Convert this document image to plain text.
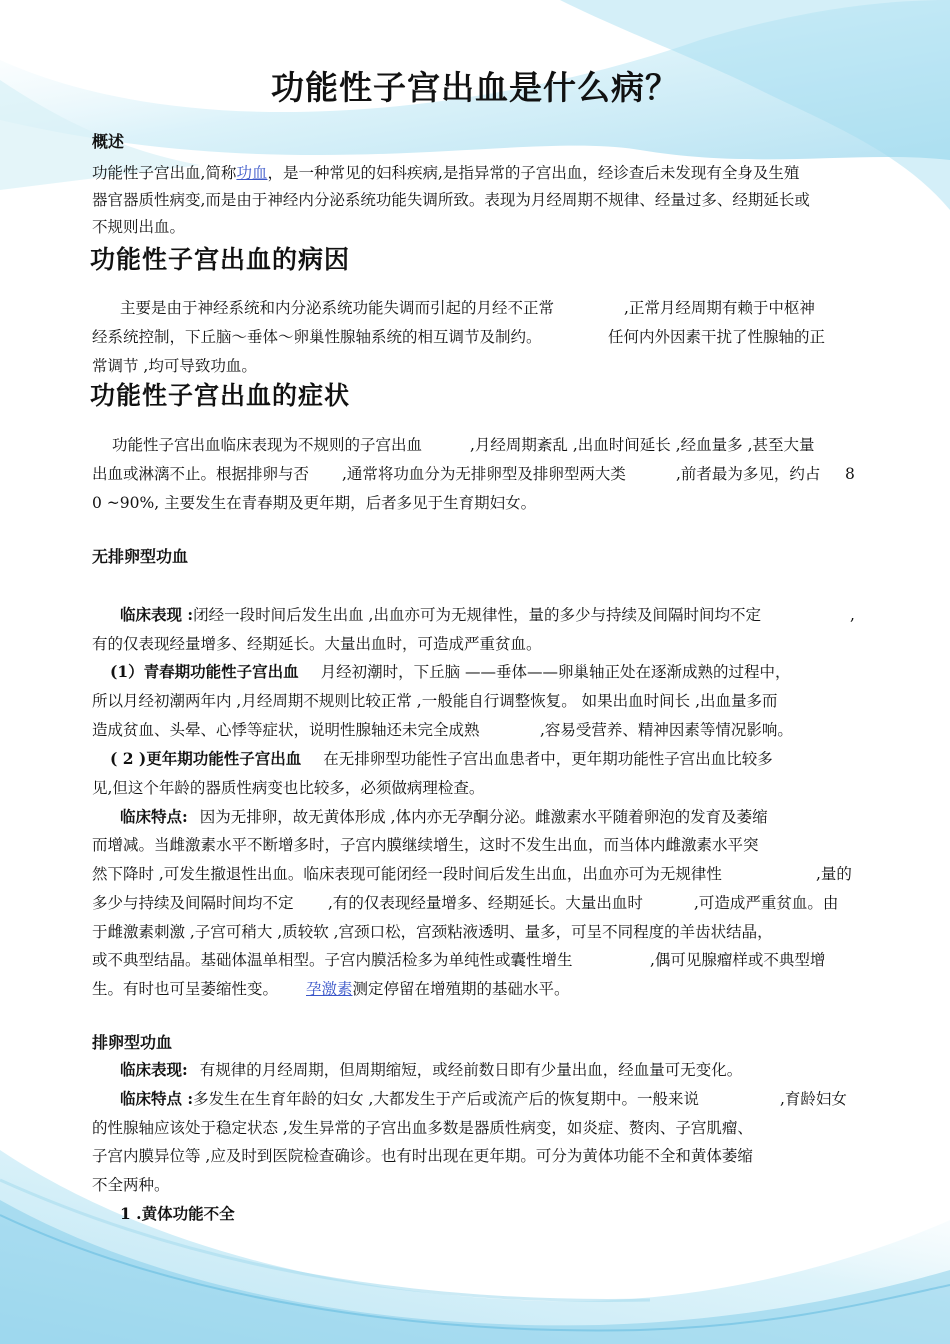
功能性子宫出血是什么病？
概述
功能性子宫出血,简称功血，是一种常见的妇科疾病,是指异常的子宫出血，经诊查后未发现有全身及生殖
器官器质性病变,而是由于神经内分泌系统功能失调所致。表现为月经周期不规律、经量过多、经期延长或
不规则出血。
功能性子宫出血的病因
主要是由于神经系统和内分泌系统功能失调而引起的月经不正常	,正常月经周期有赖于中枢神
经系统控制，下丘脑～垂体～卵巢性腺轴系统的相互调节及制约。	任何内外因素干扰了性腺轴的正
常调节 ,均可导致功血。
功能性子宫出血的症状
功能性子宫出血临床表现为不规则的子宫出血	,月经周期紊乱 ,出血时间延长 ,经血量多 ,甚至大量
出血或淋漓不止。根据排卵与否 ,通常将功血分为无排卵型及排卵型两大类	,前者最为多见，约占 8
0 ~90%, 主要发生在青春期及更年期，后者多见于生育期妇女。
无排卵型功血
临床表现 :闭经一段时间后发生出血 ,出血亦可为无规律性，量的多少与持续及间隔时间均不定	,
有的仅表现经量增多、经期延长。大量出血时，可造成严重贫血。
(1）青春期功能性子宫出血 月经初潮时，下丘脑 ——垂体——卵巢轴正处在逐渐成熟的过程中，
所以月经初潮两年内 ,月经周期不规则比较正常 ,一般能自行调整恢复。 如果出血时间长 ,出血量多而
造成贫血、头晕、心悸等症状，说明性腺轴还未完全成熟	,容易受营养、精神因素等情况影响。
( 2 )更年期功能性子宫出血 在无排卵型功能性子宫出血患者中，更年期功能性子宫出血比较多
见,但这个年龄的器质性病变也比较多，必须做病理检查。
临床特点: 因为无排卵，故无黄体形成 ,体内亦无孕酮分泌。雌激素水平随着卵泡的发育及萎缩
而增减。当雌激素水平不断增多时，子宫内膜继续增生，这时不发生出血，而当体内雌激素水平突
然下降时 ,可发生撤退性出血。临床表现可能闭经一段时间后发生出血，出血亦可为无规律性	,量的
多少与持续及间隔时间均不定 ,有的仅表现经量增多、经期延长。大量出血时	,可造成严重贫血。由
于雌激素刺激 ,子宫可稍大 ,质较软 ,宫颈口松，宫颈粘液透明、量多，可呈不同程度的羊齿状结晶，
或不典型结晶。基础体温单相型。子宫内膜活检多为单纯性或囊性增生	,偶可见腺瘤样或不典型增
生。有时也可呈萎缩性变。 孕激素测定停留在增殖期的基础水平。
排卵型功血
临床表现: 有规律的月经周期，但周期缩短，或经前数日即有少量出血，经血量可无变化。
临床特点 :多发生在生育年龄的妇女 ,大都发生于产后或流产后的恢复期中。一般来说	,育龄妇女
的性腺轴应该处于稳定状态 ,发生异常的子宫出血多数是器质性病变，如炎症、赘肉、子宫肌瘤、
子宫内膜异位等 ,应及时到医院检查确诊。也有时出现在更年期。可分为黄体功能不全和黄体萎缩
不全两种。
1 .黄体功能不全
